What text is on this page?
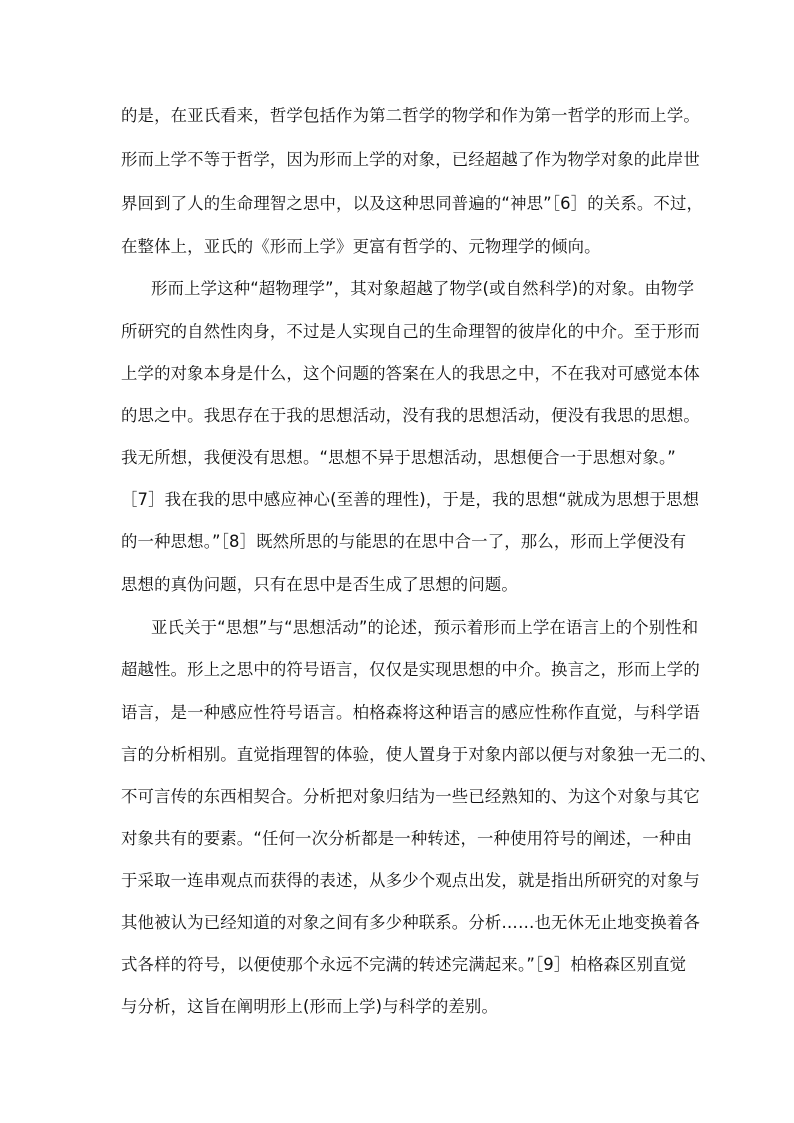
的是，在亚氏看来，哲学包括作为第二哲学的物学和作为第一哲学的形而上学。
形而上学不等于哲学，因为形而上学的对象，已经超越了作为物学对象的此岸世
界回到了人的生命理智之思中，以及这种思同普遍的“神思”［6］的关系。不过，
在整体上，亚氏的《形而上学》更富有哲学的、元物理学的倾向。
形而上学这种“超物理学”，其对象超越了物学(或自然科学)的对象。由物学
所研究的自然性肉身，不过是人实现自己的生命理智的彼岸化的中介。至于形而
上学的对象本身是什么，这个问题的答案在人的我思之中，不在我对可感觉本体
的思之中。我思存在于我的思想活动，没有我的思想活动，便没有我思的思想。
我无所想，我便没有思想。“思想不异于思想活动，思想便合一于思想对象。”
［7］我在我的思中感应神心(至善的理性)，于是，我的思想“就成为思想于思想
的一种思想。”［8］既然所思的与能思的在思中合一了，那么，形而上学便没有
思想的真伪问题，只有在思中是否生成了思想的问题。
亚氏关于“思想”与“思想活动”的论述，预示着形而上学在语言上的个别性和
超越性。形上之思中的符号语言，仅仅是实现思想的中介。换言之，形而上学的
语言，是一种感应性符号语言。柏格森将这种语言的感应性称作直觉，与科学语
言的分析相别。直觉指理智的体验，使人置身于对象内部以便与对象独一无二的、
不可言传的东西相契合。分析把对象归结为一些已经熟知的、为这个对象与其它
对象共有的要素。“任何一次分析都是一种转述，一种使用符号的阐述，一种由
于采取一连串观点而获得的表述，从多少个观点出发，就是指出所研究的对象与
其他被认为已经知道的对象之间有多少种联系。分析……也无休无止地变换着各
式各样的符号，以便使那个永远不完满的转述完满起来。”［9］柏格森区别直觉
与分析，这旨在阐明形上(形而上学)与科学的差别。
